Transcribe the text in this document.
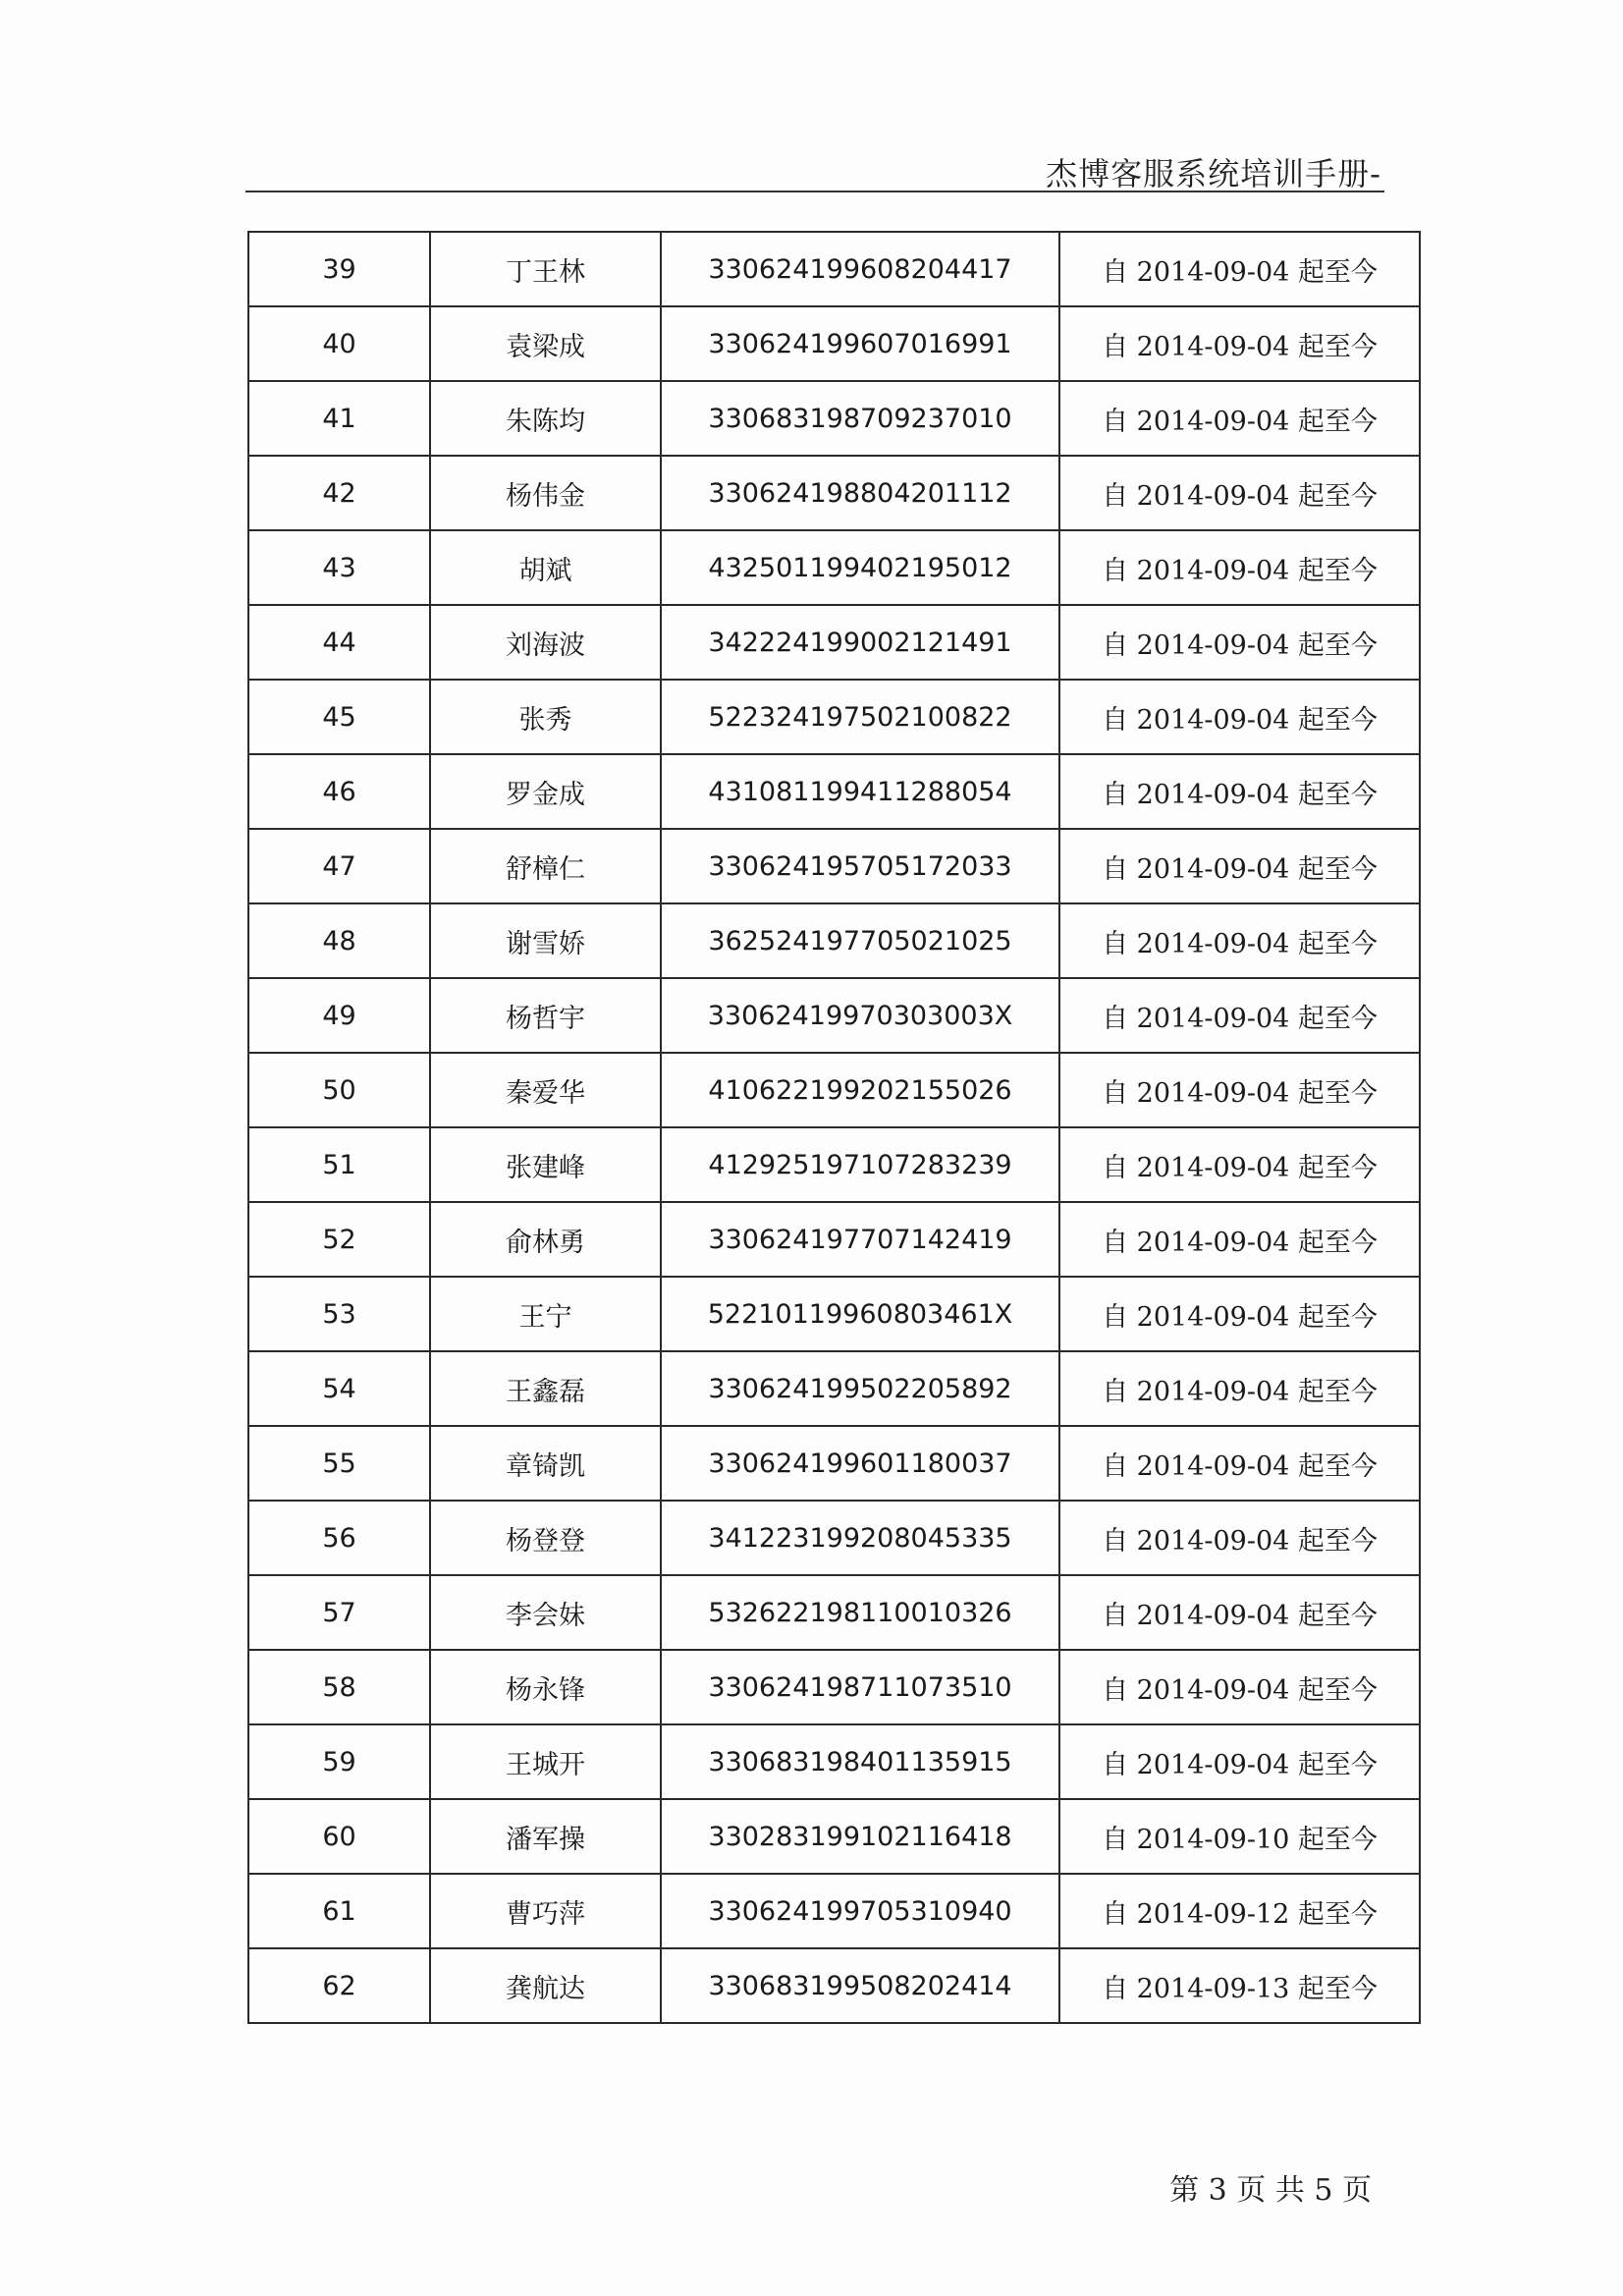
杰博客服系统培训手册-
39	丁王林	330624199608204417	自 2014-09-04 起至今
40	袁梁成	330624199607016991	自 2014-09-04 起至今
41	朱陈均	330683198709237010	自 2014-09-04 起至今
42	杨伟金	330624198804201112	自 2014-09-04 起至今
43	胡斌	432501199402195012	自 2014-09-04 起至今
44	刘海波	342224199002121491	自 2014-09-04 起至今
45	张秀	522324197502100822	自 2014-09-04 起至今
46	罗金成	431081199411288054	自 2014-09-04 起至今
47	舒樟仁	330624195705172033	自 2014-09-04 起至今
48	谢雪娇	362524197705021025	自 2014-09-04 起至今
49	杨哲宇	33062419970303003X	自 2014-09-04 起至今
50	秦爱华	410622199202155026	自 2014-09-04 起至今
51	张建峰	412925197107283239	自 2014-09-04 起至今
52	俞林勇	330624197707142419	自 2014-09-04 起至今
53	王宁	52210119960803461X	自 2014-09-04 起至今
54	王鑫磊	330624199502205892	自 2014-09-04 起至今
55	章锜凯	330624199601180037	自 2014-09-04 起至今
56	杨登登	341223199208045335	自 2014-09-04 起至今
57	李会妹	532622198110010326	自 2014-09-04 起至今
58	杨永锋	330624198711073510	自 2014-09-04 起至今
59	王城开	330683198401135915	自 2014-09-04 起至今
60	潘军操	330283199102116418	自 2014-09-10 起至今
61	曹巧萍	330624199705310940	自 2014-09-12 起至今
62	龚航达	330683199508202414	自 2014-09-13 起至今
第 3 页 共 5 页
